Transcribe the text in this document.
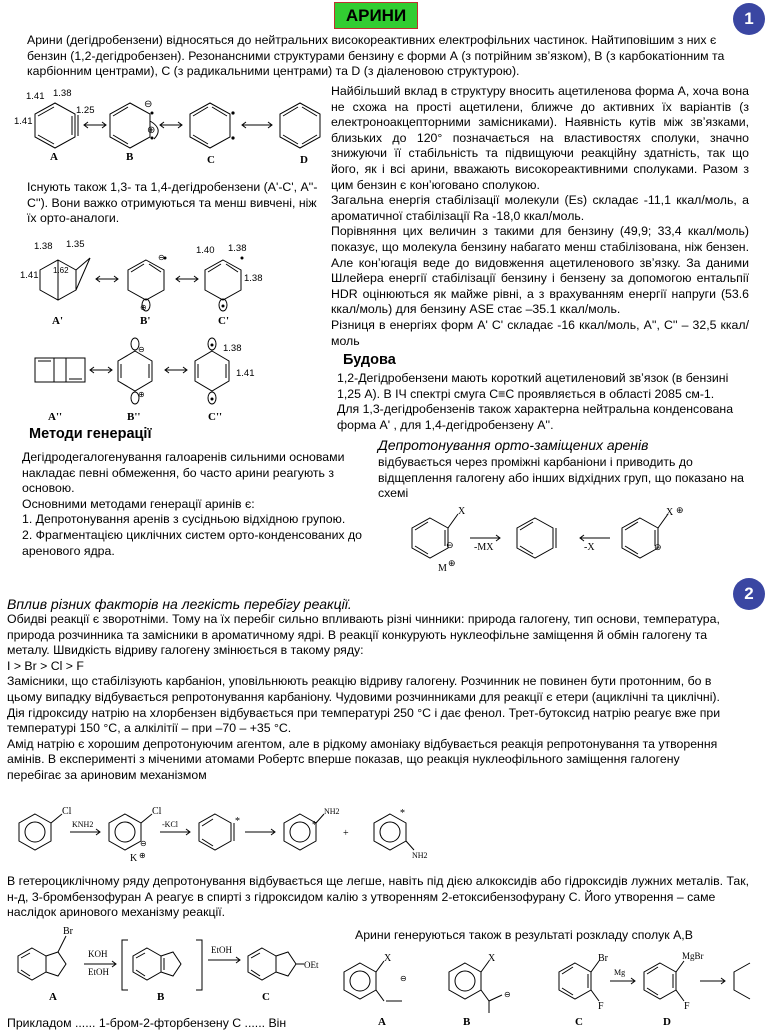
АРИНИ	1
2

Арини (дегідробензени) відносяться до нейтральних високореактивних електрофільних частинок. Найтиповішим з них є бензин (1,2-дегідробензен). Резонансними структурами бензину є форми А (з потрійним звʼязком), В (з карбокатіонним та карбіонним центрами), С (з радикальними центрами) та D (з діаленовою структурою).

⊖
⊕
1.41 1.38
1.25
1.41
A	B	C	D

Найбільший вклад в структуру вносить ацетиленова форма А, хоча вона не схожа на прості ацетилени, ближче до активних їх варіантів (з електроноакцепторними замісниками). Наявність кутів між звʼязками, близьких до 120° позначається на властивостях сполуки, значно знижуючи її стабільність та підвищуючи реакційну здатність, так що його, як і всі арини, вважають високореактивними сполуками. Разом з цим бензин є конʼюговано сполукою.

Загальна енергія стабілізації молекули (Еs) складає -11,1 ккал/моль, а ароматичної стабілізації Ra -18,0 ккал/моль.

Порівняння цих величин з такими для бензину (49,9; 33,4 ккал/моль) показує, що молекула бензину набагато менш стабілізована, ніж бензен. Але конʼюгація веде до видовження ацетиленового звʼязку. За даними Шлейера енергії стабілізації бензину і бензену за допомогою ентальпії HDR оцінюються як майже рівні, а з врахуванням енергії напруги (53.6 ккал/моль) для бензину ASE стає –35.1 ккал/моль.

Різниця в енергіях форм A' C' складає -16 ккал/моль, A'', C'' – 32,5 ккал/моль

Існують також 1,3- та 1,4-дегідробензени (А'-С', А''-С''). Вони важко отримуються та менш вивчені, ніж їх орто-аналоги.

1.38 1.35
1.41 1.62
1.40 1.38
1.38
⊕
⊖
A'	B'	C'
⊖
⊕
1.38
1.41
A''	B''	C''
Будова

1,2-Дегідробензени мають короткий ацетиленовий звʼязок (в бензині 1,25 А). В ІЧ спектрі смуга С≡С проявляється в області 2085 см-1. Для 1,3-дегідробензенів також характерна нейтральна конденсована форма A' , для 1,4-дегідробензену A''.

Методи генерації

Дегідродегалогенування галоаренів сильними основами накладає певні обмеження, бо часто арини реагують з основою.

Основними методами генерації аринів є:

1. Депротонування аренів з сусідньою відхідною групою.

2. Фрагментацією циклічних систем орто-конденсованих до аренового ядра.

Депротонування орто-заміщених аренів

відбувається через проміжні карбаніони і приводить до відщеплення галогену або інших відхідних груп, що показано на схемі

X
⊖ -MX	-X
M ⊕
X ⊕
⊖
Вплив різних факторів на легкість перебігу реакції.

Обидві реакції є зворотніми. Тому на їх перебіг сильно впливають різні чинники: природа галогену, тип основи, температура, природа розчинника та замісники в ароматичному ядрі. В реакції конкурують нуклеофільне заміщення й обмін галогену та металу. Швидкість відриву галогену змінюється в такому ряду:

I > Br > Cl > F

Замісники, що стабілізують карбаніон, уповільнюють реакцію відриву галогену. Розчинник не повинен бути протонним, бо в цьому випадку відбувається репротонування карбаніону. Чудовими розчинниками для реакції є етери (ациклічні та циклічні).

Дія гідроксиду натрію на хлорбензен відбувається при температурі 250 °С і дає фенол. Трет-бутоксид натрію реагує вже при температурі 150 °С, а алкілітії – при –70 – +35 °С.

Амід натрію є хорошим депротонуючим агентом, але в рідкому амоніаку відбувається реакція репротонування та утворення амінів. В експерименті з міченими атомами Робертс вперше показав, що реакція нуклеофільного заміщення галогену перебігає за ариновим механізмом

Cl
KNH2
Cl
⊖
K ⊕
-KCl	*
NH2
*
+
*
NH2

В гетероциклічному ряду депротонування відбувається ще легше, навіть під дією алкоксидів або гідроксидів лужних металів. Так, н-д, 3-бромбензофуран А реагує в спирті з гідроксидом калію з утворенням 2-етоксибензофурану С. Його утворення – саме наслідок аринового механізму реакції.

Br
KOH
EtOH
EtOH
OEt
A	B	C

Арини генеруються також в результаті розкладу сполук А,В

X
⊖
X
⊖
Br
F
Mg
MgBr
F
A	B	C	D

Прикладом ...... 1-бром-2-фторбензену С ...... Він
